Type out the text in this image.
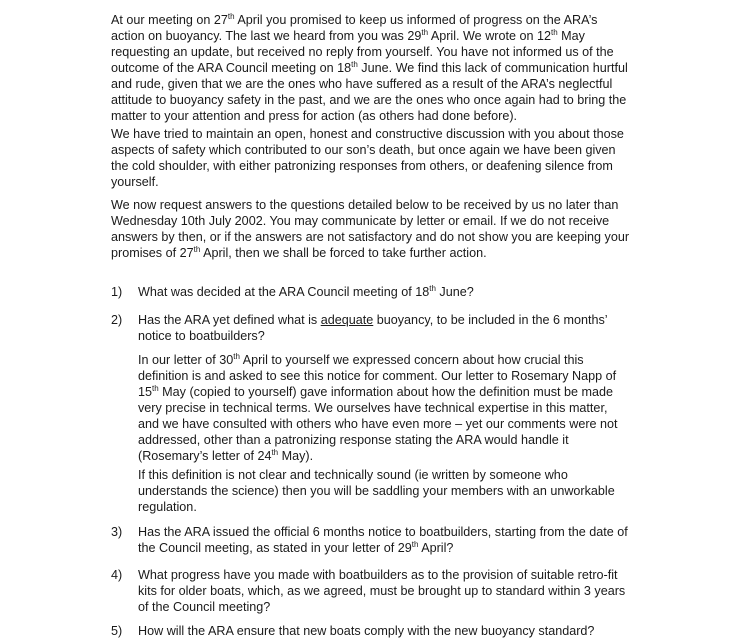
At our meeting on 27th April you promised to keep us informed of progress on the ARA’s
action on buoyancy. The last we heard from you was 29th April. We wrote on 12th May
requesting an update, but received no reply from yourself. You have not informed us of the
outcome of the ARA Council meeting on 18th June. We find this lack of communication hurtful
and rude, given that we are the ones who have suffered as a result of the ARA’s neglectful
attitude to buoyancy safety in the past, and we are the ones who once again had to bring the
matter to your attention and press for action (as others had done before).
We have tried to maintain an open, honest and constructive discussion with you about those
aspects of safety which contributed to our son’s death, but once again we have been given
the cold shoulder, with either patronizing responses from others, or deafening silence from
yourself.
We now request answers to the questions detailed below to be received by us no later than
Wednesday 10th July 2002. You may communicate by letter or email. If we do not receive
answers by then, or if the answers are not satisfactory and do not show you are keeping your
promises of 27th April, then we shall be forced to take further action.
1) What was decided at the ARA Council meeting of 18th June?
2) Has the ARA yet defined what is adequate buoyancy, to be included in the 6 months’
notice to boatbuilders?
In our letter of 30th April to yourself we expressed concern about how crucial this
definition is and asked to see this notice for comment. Our letter to Rosemary Napp of
15th May (copied to yourself) gave information about how the definition must be made
very precise in technical terms. We ourselves have technical expertise in this matter,
and we have consulted with others who have even more – yet our comments were not
addressed, other than a patronizing response stating the ARA would handle it
(Rosemary’s letter of 24th May).
If this definition is not clear and technically sound (ie written by someone who
understands the science) then you will be saddling your members with an unworkable
regulation.
3) Has the ARA issued the official 6 months notice to boatbuilders, starting from the date of
the Council meeting, as stated in your letter of 29th April?
4) What progress have you made with boatbuilders as to the provision of suitable retro-fit
kits for older boats, which, as we agreed, must be brought up to standard within 3 years
of the Council meeting?
5) How will the ARA ensure that new boats comply with the new buoyancy standard?
